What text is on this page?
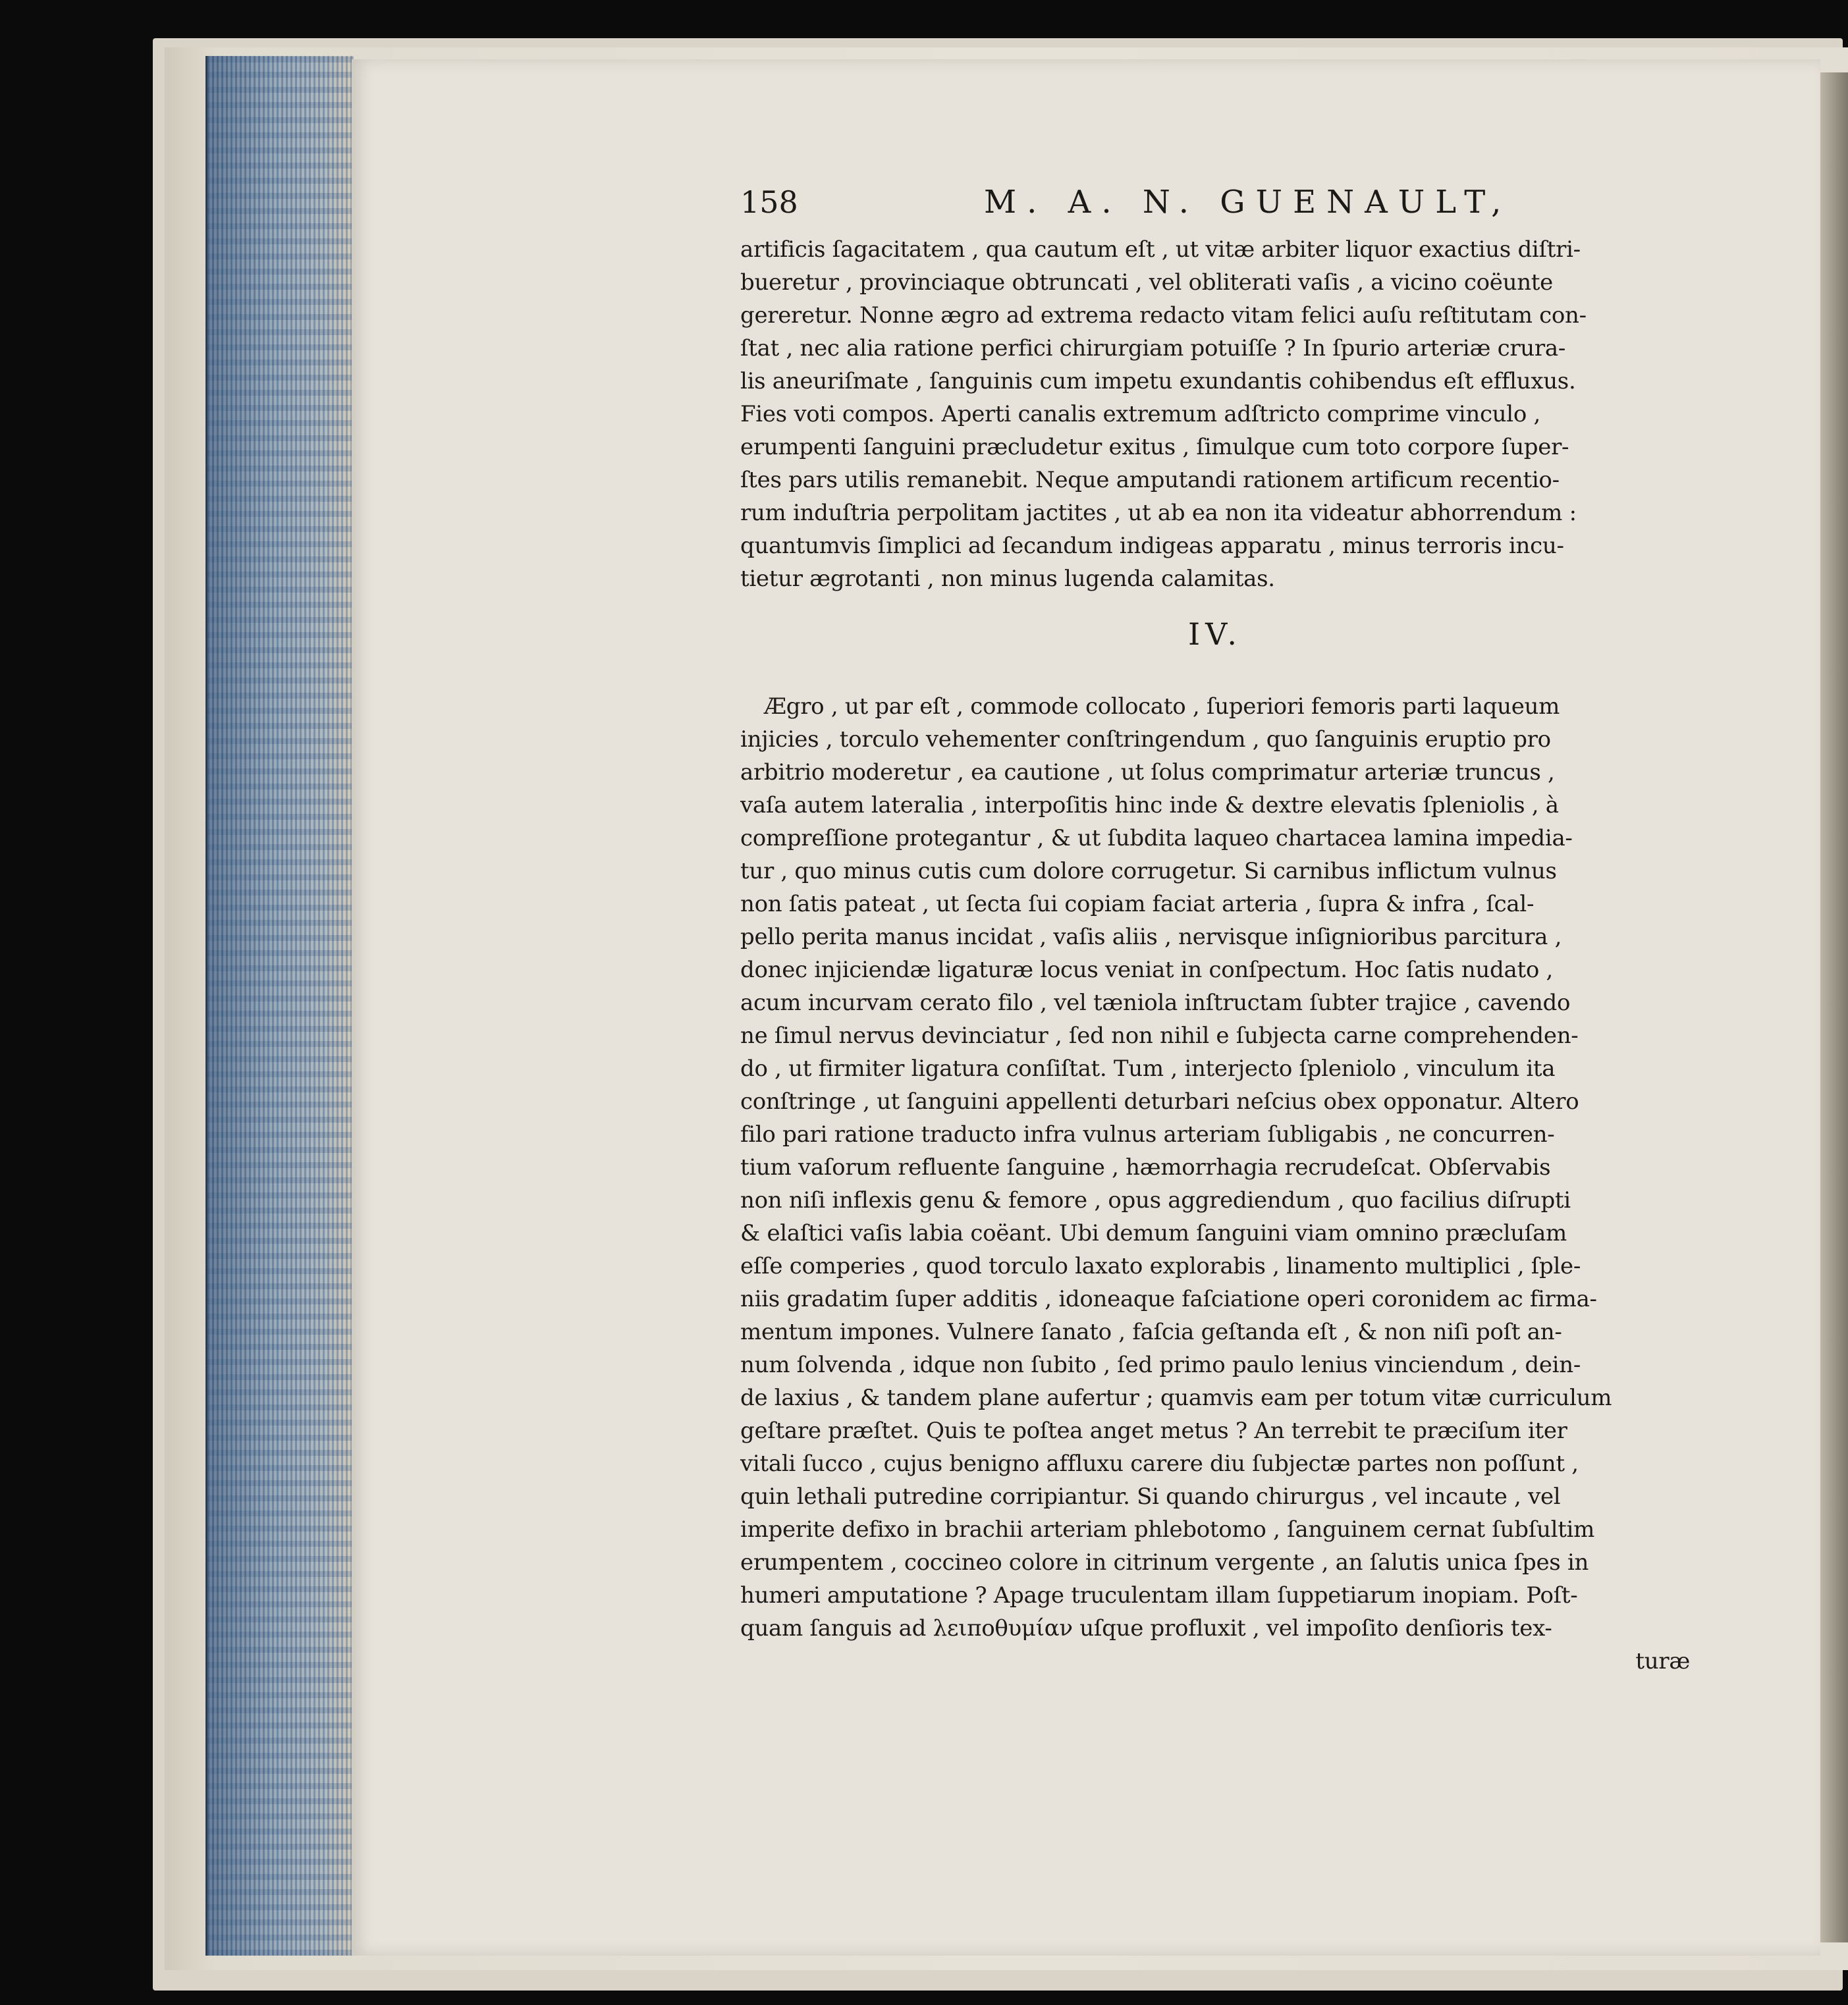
158	M. A. N. GUENAULT,
artificis ſagacitatem , qua cautum eſt , ut vitæ arbiter liquor exactius diſtri-
bueretur , provinciaque obtruncati , vel obliterati vaſis , a vicino coëunte
gereretur. Nonne ægro ad extrema redacto vitam felici auſu reſtitutam con-
ſtat , nec alia ratione perfici chirurgiam potuiſſe ? In ſpurio arteriæ crura-
lis aneuriſmate , ſanguinis cum impetu exundantis cohibendus eſt effluxus.
Fies voti compos. Aperti canalis extremum adſtricto comprime vinculo ,
erumpenti ſanguini præcludetur exitus , ſimulque cum toto corpore ſuper-
ſtes pars utilis remanebit. Neque amputandi rationem artificum recentio-
rum induſtria perpolitam jactites , ut ab ea non ita videatur abhorrendum :
quantumvis ſimplici ad ſecandum indigeas apparatu , minus terroris incu-
tietur ægrotanti , non minus lugenda calamitas.
IV.
Ægro , ut par eſt , commode collocato , ſuperiori femoris parti laqueum
injicies , torculo vehementer conſtringendum , quo ſanguinis eruptio pro
arbitrio moderetur , ea cautione , ut ſolus comprimatur arteriæ truncus ,
vaſa autem lateralia , interpoſitis hinc inde & dextre elevatis ſpleniolis , à
compreſſione protegantur , & ut ſubdita laqueo chartacea lamina impedia-
tur , quo minus cutis cum dolore corrugetur. Si carnibus inflictum vulnus
non ſatis pateat , ut ſecta ſui copiam faciat arteria , ſupra & infra , ſcal-
pello perita manus incidat , vaſis aliis , nervisque inſignioribus parcitura ,
donec injiciendæ ligaturæ locus veniat in conſpectum. Hoc ſatis nudato ,
acum incurvam cerato filo , vel tæniola inſtructam ſubter trajice , cavendo
ne ſimul nervus devinciatur , ſed non nihil e ſubjecta carne comprehenden-
do , ut firmiter ligatura conſiſtat. Tum , interjecto ſpleniolo , vinculum ita
conſtringe , ut ſanguini appellenti deturbari neſcius obex opponatur. Altero
filo pari ratione traducto infra vulnus arteriam ſubligabis , ne concurren-
tium vaſorum refluente ſanguine , hæmorrhagia recrudeſcat. Obſervabis
non niſi inflexis genu & femore , opus aggrediendum , quo facilius diſrupti
& elaſtici vaſis labia coëant. Ubi demum ſanguini viam omnino præcluſam
eſſe comperies , quod torculo laxato explorabis , linamento multiplici , ſple-
niis gradatim ſuper additis , idoneaque faſciatione operi coronidem ac firma-
mentum impones. Vulnere ſanato , faſcia geſtanda eſt , & non niſi poſt an-
num ſolvenda , idque non ſubito , ſed primo paulo lenius vinciendum , dein-
de laxius , & tandem plane aufertur ; quamvis eam per totum vitæ curriculum
geſtare præſtet. Quis te poſtea anget metus ? An terrebit te præciſum iter
vitali ſucco , cujus benigno affluxu carere diu ſubjectæ partes non poſſunt ,
quin lethali putredine corripiantur. Si quando chirurgus , vel incaute , vel
imperite defixo in brachii arteriam phlebotomo , ſanguinem cernat ſubſultim
erumpentem , coccineo colore in citrinum vergente , an ſalutis unica ſpes in
humeri amputatione ? Apage truculentam illam ſuppetiarum inopiam. Poſt-
quam ſanguis ad λειποθυμίαν uſque profluxit , vel impoſito denſioris tex-
turæ
